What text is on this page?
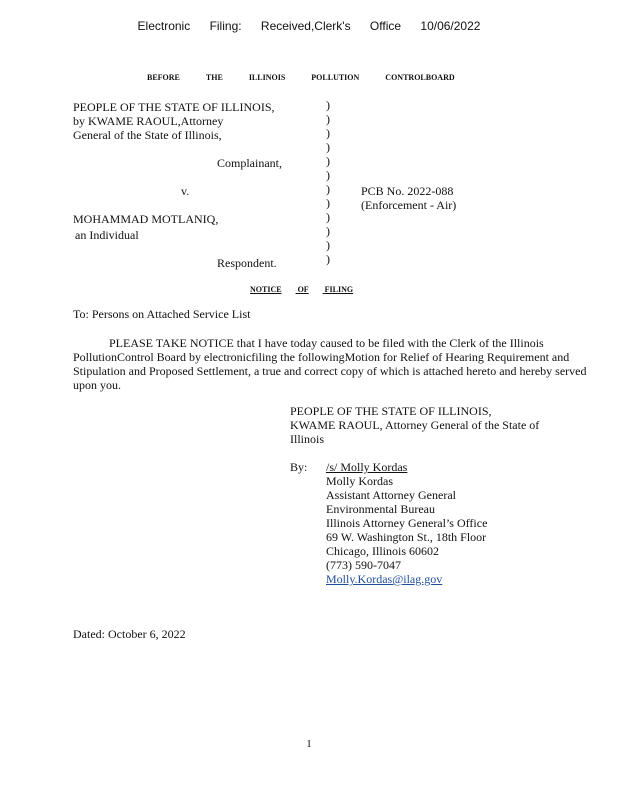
Electronic Filing: Received,Clerk's Office 10/06/2022
BEFORE	THE	ILLINOIS	POLLUTION	CONTROLBOARD
PEOPLE OF THE STATE OF ILLINOIS,
by KWAME RAOUL,Attorney
General of the State of Illinois,
Complainant,
v.
MOHAMMAD MOTLANIQ,
an Individual
Respondent.
)
)
)
)
)
)
)
)
)
)
)
)
PCB No. 2022-088
(Enforcement - Air)
NOTICE OF FILING
To: Persons on Attached Service List
PLEASE TAKE NOTICE that I have today caused to be filed with the Clerk of the Illinois PollutionControl Board by electronicfiling the followingMotion for Relief of Hearing Requirement and Stipulation and Proposed Settlement, a true and correct copy of which is attached hereto and hereby served upon you.
PEOPLE OF THE STATE OF ILLINOIS,
KWAME RAOUL, Attorney General of the State of
Illinois
By: /s/ Molly Kordas
Molly Kordas
Assistant Attorney General
Environmental Bureau
Illinois Attorney General’s Office
69 W. Washington St., 18th Floor
Chicago, Illinois 60602
(773) 590-7047
Molly.Kordas@ilag.gov
Dated: October 6, 2022
1
